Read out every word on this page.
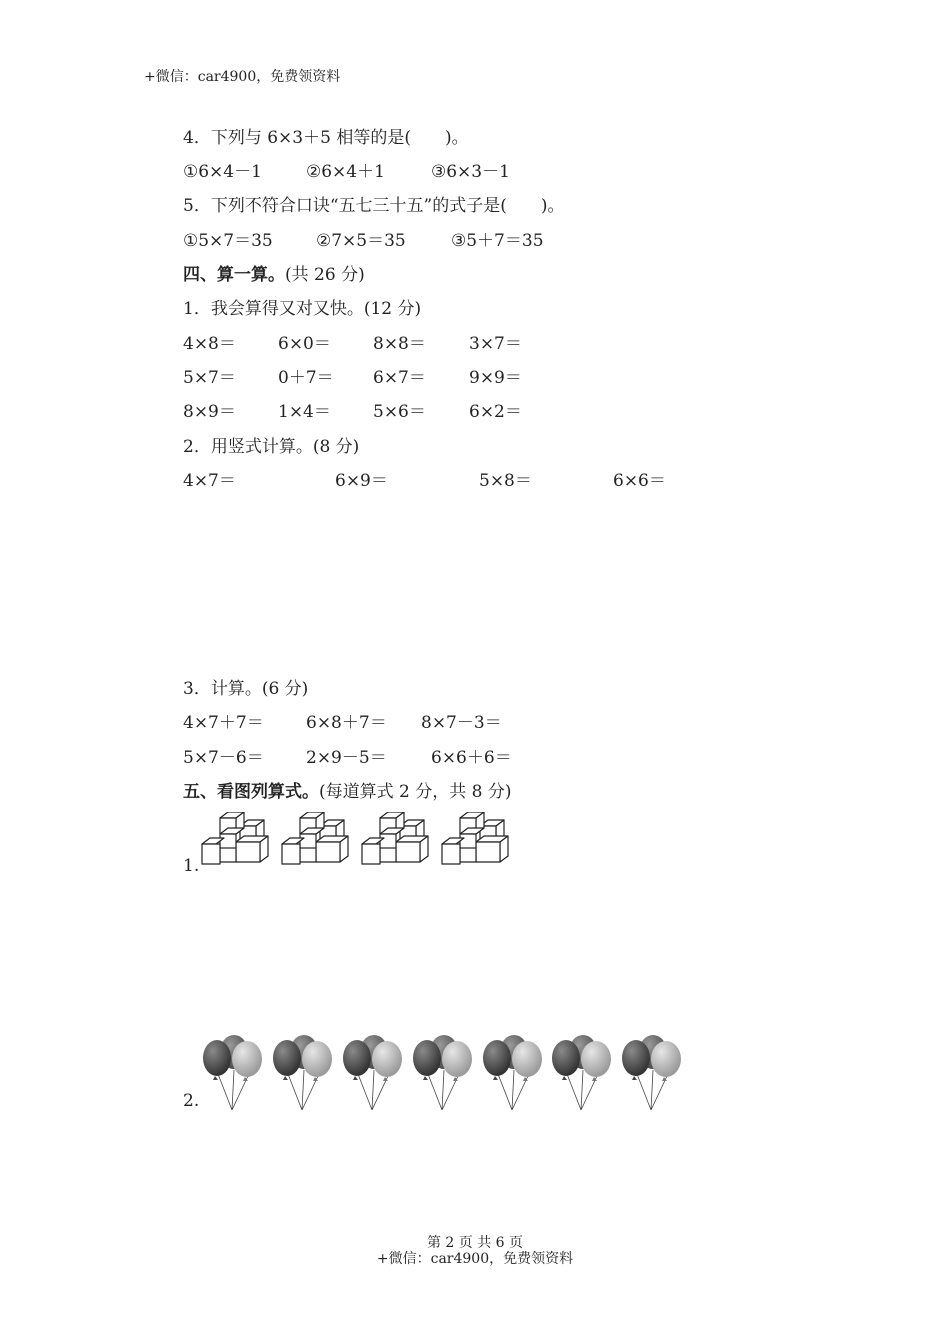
+微信：car4900，免费领资料
4．下列与 6×3＋5 相等的是(　　)。
①6×4－1	②6×4＋1	③6×3－1
5．下列不符合口诀“五七三十五”的式子是(　　)。
①5×7＝35	②7×5＝35	③5＋7＝35
四、算一算。(共 26 分)
1．我会算得又对又快。(12 分)
4×8＝ 6×0＝ 8×8＝	3×7＝
5×7＝ 0＋7＝ 6×7＝	9×9＝
8×9＝ 1×4＝ 5×6＝	6×2＝
2．用竖式计算。(8 分)
4×7＝	6×9＝	5×8＝	6×6＝
3．计算。(6 分)
4×7＋7＝ 6×8＋7＝ 8×7－3＝
5×7－6＝ 2×9－5＝	6×6＋6＝
五、看图列算式。(每道算式 2 分，共 8 分)
1.
2.
第 2 页 共 6 页
+微信：car4900，免费领资料
